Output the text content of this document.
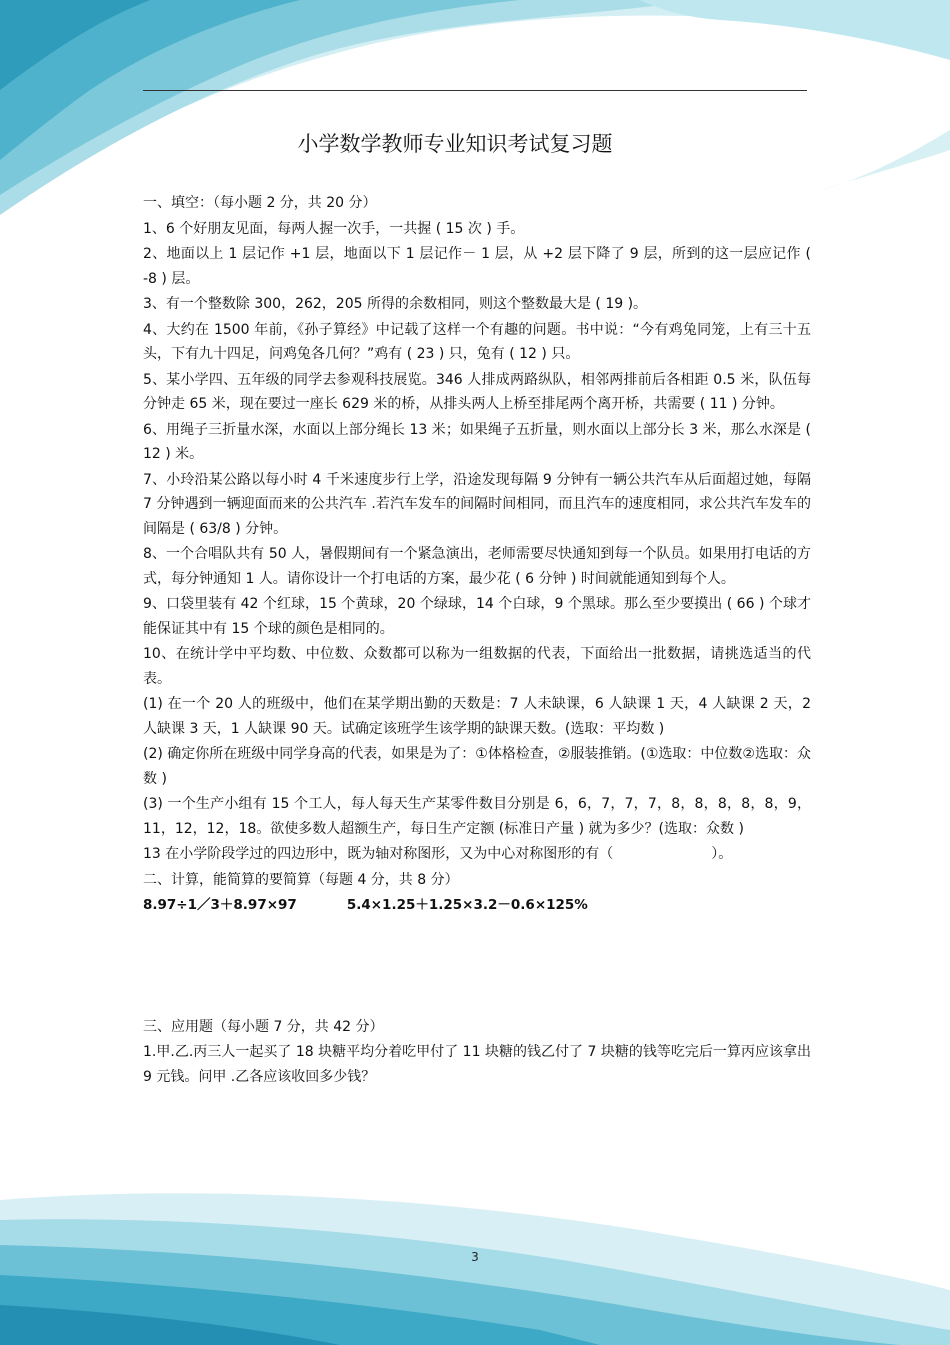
小学数学教师专业知识考试复习题
一、填空：（每小题 2 分，共 20 分）
1、6 个好朋友见面，每两人握一次手，一共握 ( 15 次 ) 手。
2、地面以上 1 层记作 +1 层，地面以下 1 层记作－ 1 层，从 +2 层下降了 9 层，所到的这一层应记作 ( -8 ) 层。
3、有一个整数除 300，262，205 所得的余数相同，则这个整数最大是 ( 19 )。
4、大约在 1500 年前，《孙子算经》中记载了这样一个有趣的问题。书中说：“今有鸡兔同笼，上有三十五头，下有九十四足，问鸡兔各几何？”鸡有 ( 23 ) 只，兔有 ( 12 ) 只。
5、某小学四、五年级的同学去参观科技展览。346 人排成两路纵队，相邻两排前后各相距 0.5 米，队伍每分钟走 65 米，现在要过一座长 629 米的桥，从排头两人上桥至排尾两个离开桥，共需要 ( 11 ) 分钟。
6、用绳子三折量水深，水面以上部分绳长 13 米；如果绳子五折量，则水面以上部分长 3 米，那么水深是 ( 12 ) 米。
7、小玲沿某公路以每小时 4 千米速度步行上学，沿途发现每隔 9 分钟有一辆公共汽车从后面超过她，每隔 7 分钟遇到一辆迎面而来的公共汽车 .若汽车发车的间隔时间相同，而且汽车的速度相同，求公共汽车发车的间隔是 ( 63/8 ) 分钟。
8、一个合唱队共有 50 人，暑假期间有一个紧急演出，老师需要尽快通知到每一个队员。如果用打电话的方式，每分钟通知 1 人。请你设计一个打电话的方案，最少花 ( 6 分钟 ) 时间就能通知到每个人。
9、口袋里装有 42 个红球，15 个黄球，20 个绿球，14 个白球，9 个黑球。那么至少要摸出 ( 66 ) 个球才能保证其中有 15 个球的颜色是相同的。
10、在统计学中平均数、中位数、众数都可以称为一组数据的代表，下面给出一批数据，请挑选适当的代表。
(1) 在一个 20 人的班级中，他们在某学期出勤的天数是：7 人未缺课，6 人缺课 1 天，4 人缺课 2 天，2 人缺课 3 天，1 人缺课 90 天。试确定该班学生该学期的缺课天数。(选取：平均数 )
(2) 确定你所在班级中同学身高的代表，如果是为了：①体格检查，②服装推销。(①选取：中位数②选取：众数 )
(3) 一个生产小组有 15 个工人，每人每天生产某零件数目分别是 6，6，7，7，7，8，8，8，8，8，9，11，12，12，18。欲使多数人超额生产，每日生产定额 (标准日产量 ) 就为多少？(选取：众数 )
13 在小学阶段学过的四边形中，既为轴对称图形，又为中心对称图形的有（　　　　　　　）。
二、计算，能简算的要简算（每题 4 分，共 8 分）
8.97÷1／3＋8.97×97	5.4×1.25＋1.25×3.2－0.6×125%
三、应用题（每小题 7 分，共 42 分）
1.甲.乙.丙三人一起买了 18 块糖平均分着吃甲付了 11 块糖的钱乙付了 7 块糖的钱等吃完后一算丙应该拿出 9 元钱。问甲 .乙各应该收回多少钱？
3
